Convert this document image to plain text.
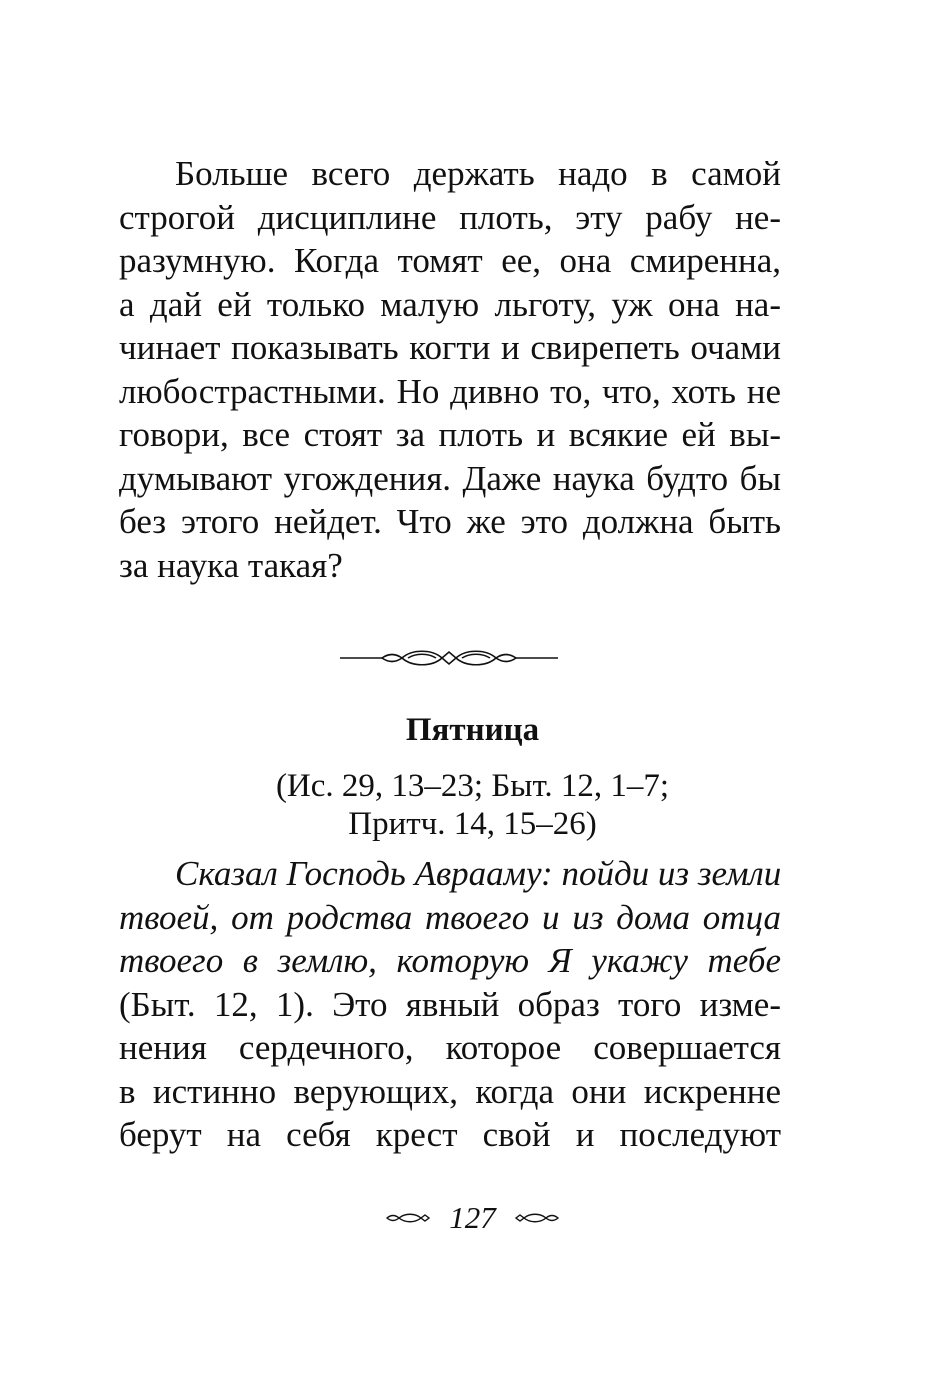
Больше всего держать надо в самой
строгой дисциплине плоть, эту рабу не-
разумную. Когда томят ее, она смиренна,
а дай ей только малую льготу, уж она на-
чинает показывать когти и свирепеть очами
любострастными. Но дивно то, что, хоть не
говори, все стоят за плоть и всякие ей вы-
думывают угождения. Даже наука будто бы
без этого нейдет. Что же это должна быть
за наука такая?
Пятница
(Ис. 29, 13–23; Быт. 12, 1–7;
Притч. 14, 15–26)
Сказал Господь Аврааму: пойди из земли
твоей, от родства твоего и из дома отца
твоего в землю, которую Я укажу тебе
(Быт. 12, 1). Это явный образ того изме-
нения сердечного, которое совершается
в истинно верующих, когда они искренне
берут на себя крест свой и последуют
127
